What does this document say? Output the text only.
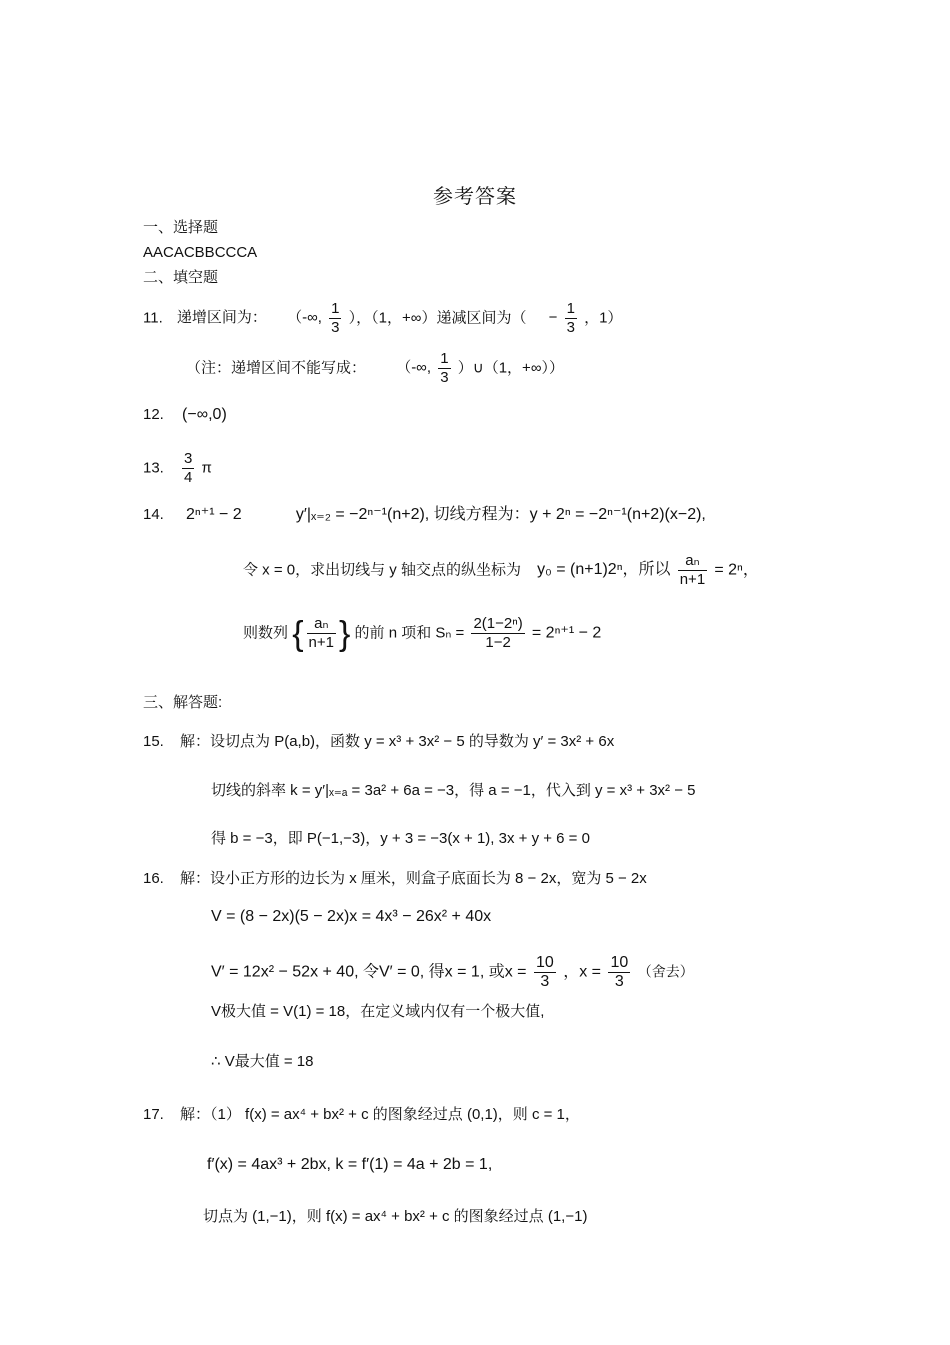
参考答案
一、选择题
AACACBBCCCA
二、填空题
11. 递增区间为： （-∞, $\frac{1}{3}$ ），（1，+∞）递减区间为（ − $\frac{1}{3}$ ，1）
（注：递增区间不能写成： （-∞, $\frac{1}{3}$ ）∪（1，+∞））
12. (−∞,0)
13. $\frac{3}{4}$ π
14. 2ⁿ⁺¹ − 2	y′|ₓ₌₂ = −2ⁿ⁻¹(n+2), 切线方程为：y + 2ⁿ = −2ⁿ⁻¹(n+2)(x−2),
令 x = 0，求出切线与 y 轴交点的纵坐标为 y₀ = (n+1)2ⁿ，所以 $\frac{\text{aₙ}}{n+1} = 2^n$，
则数列 { $\frac{\text{aₙ}}{n+1}$ } 的前 n 项和 $S_n = \frac{\text{2(1−2ⁿ)}}{1-2} = 2^{n+1} - 2$
三、解答题:
15. 解：设切点为 P(a,b)，函数 y = x³ + 3x² − 5 的导数为 y′ = 3x² + 6x
切线的斜率 k = y′|ₓ₌ₐ = 3a² + 6a = −3，得 a = −1，代入到 y = x³ + 3x² − 5
得 b = −3，即 P(−1,−3)，y + 3 = −3(x + 1), 3x + y + 6 = 0
16. 解：设小正方形的边长为 x 厘米，则盒子底面长为 8 − 2x，宽为 5 − 2x
V = (8 − 2x)(5 − 2x)x = 4x³ − 26x² + 40x
V′ = 12x² − 52x + 40, 令V′ = 0, 得x = 1, 或$x = \frac{10}{3}$ ，$x = \frac{10}{3}$ （舍去）
V极大值 = V(1) = 18，在定义域内仅有一个极大值,
∴ V最大值 = 18
17. 解：（1） f(x) = ax⁴ + bx² + c 的图象经过点 (0,1)，则 c = 1，
f′(x) = 4ax³ + 2bx, k = f′(1) = 4a + 2b = 1,
切点为 (1,−1)，则 f(x) = ax⁴ + bx² + c 的图象经过点 (1,−1)
